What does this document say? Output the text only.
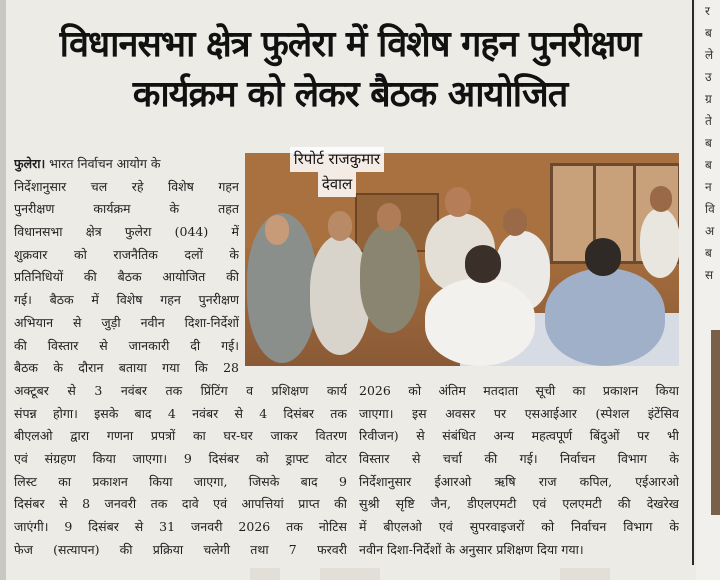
विधानसभा क्षेत्र फुलेरा में विशेष गहन पुनरीक्षण
कार्यक्रम को लेकर बैठक आयोजित
रिपोर्ट राजकुमार
देवाल
फुलेरा। भारत निर्वाचन आयोग के
निर्देशानुसार चल रहे विशेष गहन
पुनरीक्षण कार्यक्रम के तहत
विधानसभा क्षेत्र फुलेरा (044) में
शुक्रवार को राजनैतिक दलों के
प्रतिनिधियों की बैठक आयोजित की
गई। बैठक में विशेष गहन पुनरीक्षण
अभियान से जुड़ी नवीन दिशा-निर्देशों
की विस्तार से जानकारी दी गई।
बैठक के दौरान बताया गया कि 28
अक्टूबर से 3 नवंबर तक प्रिंटिंग व प्रशिक्षण कार्य
संपन्न होगा। इसके बाद 4 नवंबर से 4 दिसंबर तक
बीएलओ द्वारा गणना प्रपत्रों का घर-घर जाकर वितरण
एवं संग्रहण किया जाएगा। 9 दिसंबर को ड्राफ्ट वोटर
लिस्ट का प्रकाशन किया जाएगा, जिसके बाद 9
दिसंबर से 8 जनवरी तक दावे एवं आपत्तियां प्राप्त की
जाएंगी। 9 दिसंबर से 31 जनवरी 2026 तक नोटिस
फेज (सत्यापन) की प्रक्रिया चलेगी तथा 7 फरवरी
2026 को अंतिम मतदाता सूची का प्रकाशन किया
जाएगा। इस अवसर पर एसआईआर (स्पेशल इंटेंसिव
रिवीजन) से संबंधित अन्य महत्वपूर्ण बिंदुओं पर भी
विस्तार से चर्चा की गई। निर्वाचन विभाग के
निर्देशानुसार ईआरओ ऋषि राज कपिल, एईआरओ
सुश्री सृष्टि जैन, डीएलएमटी एवं एलएमटी की देखरेख
में बीएलओ एवं सुपरवाइजरों को निर्वाचन विभाग के
नवीन दिशा-निर्देशों के अनुसार प्रशिक्षण दिया गया।
र
ब
ले
उ
ग्र
ते
ब
ब
न
वि
अ
ब
स
